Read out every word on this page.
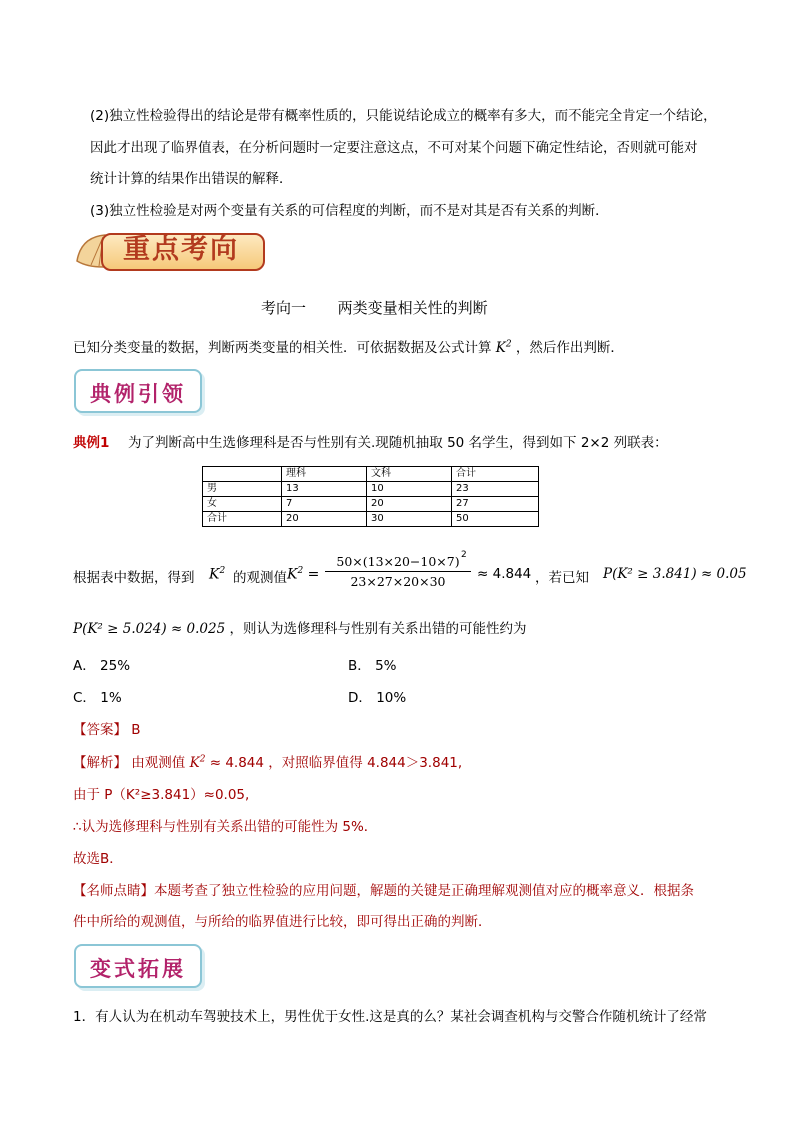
(2)独立性检验得出的结论是带有概率性质的，只能说结论成立的概率有多大，而不能完全肯定一个结论，
因此才出现了临界值表，在分析问题时一定要注意这点，不可对某个问题下确定性结论，否则就可能对
统计计算的结果作出错误的解释．
(3)独立性检验是对两个变量有关系的可信程度的判断，而不是对其是否有关系的判断．
重点考向
考向一 两类变量相关性的判断
已知分类变量的数据，判断两类变量的相关性．可依据数据及公式计算 $K^2$ ，然后作出判断．
典例引领
典例1 为了判断高中生选修理科是否与性别有关.现随机抽取 50 名学生，得到如下 2×2 列联表：
	理科	文科	合计
男	13	10	23
女	7	20	27
合计	20	30	50
根据表中数据，得到 $K^2$ 的观测值 $K^2 = \frac{50\times(13\times 20-10\times 7)}{23\times 27\times 20\times 30}$
2
≈ 4.844 ，若已知 P(K² ≥ 3.841) ≈ 0.05
P(K² ≥ 5.024) ≈ 0.025 ，则认为选修理科与性别有关系出错的可能性约为
A． 25%	B． 5%
C． 1%	D． 10%
【答案】 B
【解析】 由观测值 $K^2 \approx 4.844$ ，对照临界值得 4.844＞3.841,
由于 P（K²≥3.841）≈0.05,
∴认为选修理科与性别有关系出错的可能性为 5%．
故选B．
【名师点睛】本题考查了独立性检验的应用问题，解题的关键是正确理解观测值对应的概率意义．根据条
件中所给的观测值，与所给的临界值进行比较，即可得出正确的判断．
变式拓展
1．有人认为在机动车驾驶技术上，男性优于女性.这是真的么？某社会调查机构与交警合作随机统计了经常
